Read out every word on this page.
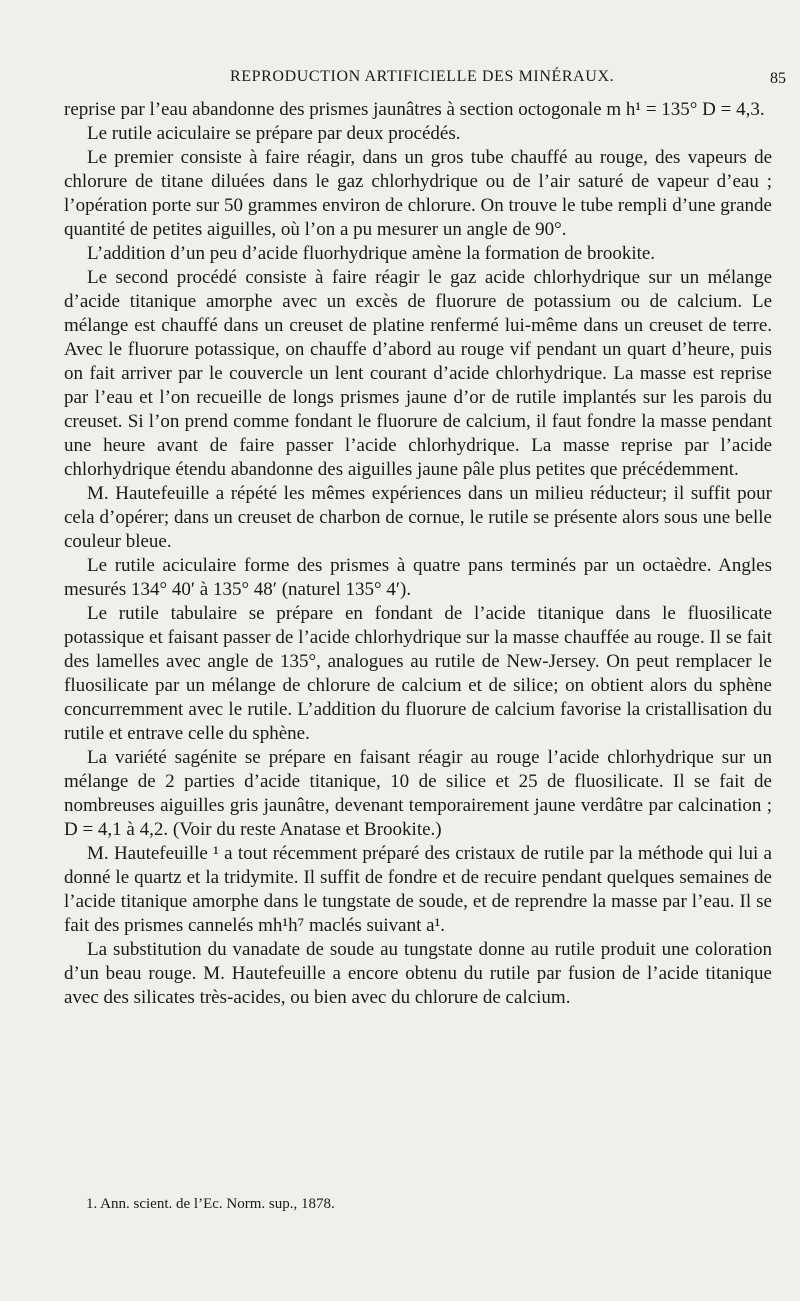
REPRODUCTION ARTIFICIELLE DES MINÉRAUX.	85

reprise par l’eau abandonne des prismes jaunâtres à section octogonale m h¹ = 135° D = 4,3.

Le rutile aciculaire se prépare par deux procédés.

Le premier consiste à faire réagir, dans un gros tube chauffé au rouge, des vapeurs de chlorure de titane diluées dans le gaz chlorhydrique ou de l’air saturé de vapeur d’eau ; l’opération porte sur 50 grammes environ de chlorure. On trouve le tube rempli d’une grande quantité de petites aiguilles, où l’on a pu mesurer un angle de 90°.

L’addition d’un peu d’acide fluorhydrique amène la formation de brookite.

Le second procédé consiste à faire réagir le gaz acide chlorhydrique sur un mélange d’acide titanique amorphe avec un excès de fluorure de potassium ou de calcium. Le mélange est chauffé dans un creuset de platine renfermé lui-même dans un creuset de terre. Avec le fluorure potassique, on chauffe d’abord au rouge vif pendant un quart d’heure, puis on fait arriver par le couvercle un lent courant d’acide chlorhydrique. La masse est reprise par l’eau et l’on recueille de longs prismes jaune d’or de rutile implantés sur les parois du creuset. Si l’on prend comme fondant le fluorure de calcium, il faut fondre la masse pendant une heure avant de faire passer l’acide chlorhydrique. La masse reprise par l’acide chlorhydrique étendu abandonne des aiguilles jaune pâle plus petites que précédemment.

M. Hautefeuille a répété les mêmes expériences dans un milieu réducteur; il suffit pour cela d’opérer; dans un creuset de charbon de cornue, le rutile se présente alors sous une belle couleur bleue.

Le rutile aciculaire forme des prismes à quatre pans terminés par un octaèdre. Angles mesurés 134° 40′ à 135° 48′ (naturel 135° 4′).

Le rutile tabulaire se prépare en fondant de l’acide titanique dans le fluosilicate potassique et faisant passer de l’acide chlorhydrique sur la masse chauffée au rouge. Il se fait des lamelles avec angle de 135°, analogues au rutile de New-Jersey. On peut remplacer le fluosilicate par un mélange de chlorure de calcium et de silice; on obtient alors du sphène concurremment avec le rutile. L’addition du fluorure de calcium favorise la cristallisation du rutile et entrave celle du sphène.

La variété sagénite se prépare en faisant réagir au rouge l’acide chlorhydrique sur un mélange de 2 parties d’acide titanique, 10 de silice et 25 de fluosilicate. Il se fait de nombreuses aiguilles gris jaunâtre, devenant temporairement jaune verdâtre par calcination ; D = 4,1 à 4,2. (Voir du reste Anatase et Brookite.)

M. Hautefeuille ¹ a tout récemment préparé des cristaux de rutile par la méthode qui lui a donné le quartz et la tridymite. Il suffit de fondre et de recuire pendant quelques semaines de l’acide titanique amorphe dans le tungstate de soude, et de reprendre la masse par l’eau. Il se fait des prismes cannelés mh¹h⁷ maclés suivant a¹.

La substitution du vanadate de soude au tungstate donne au rutile produit une coloration d’un beau rouge. M. Hautefeuille a encore obtenu du rutile par fusion de l’acide titanique avec des silicates très-acides, ou bien avec du chlorure de calcium.

1. Ann. scient. de l’Ec. Norm. sup., 1878.
